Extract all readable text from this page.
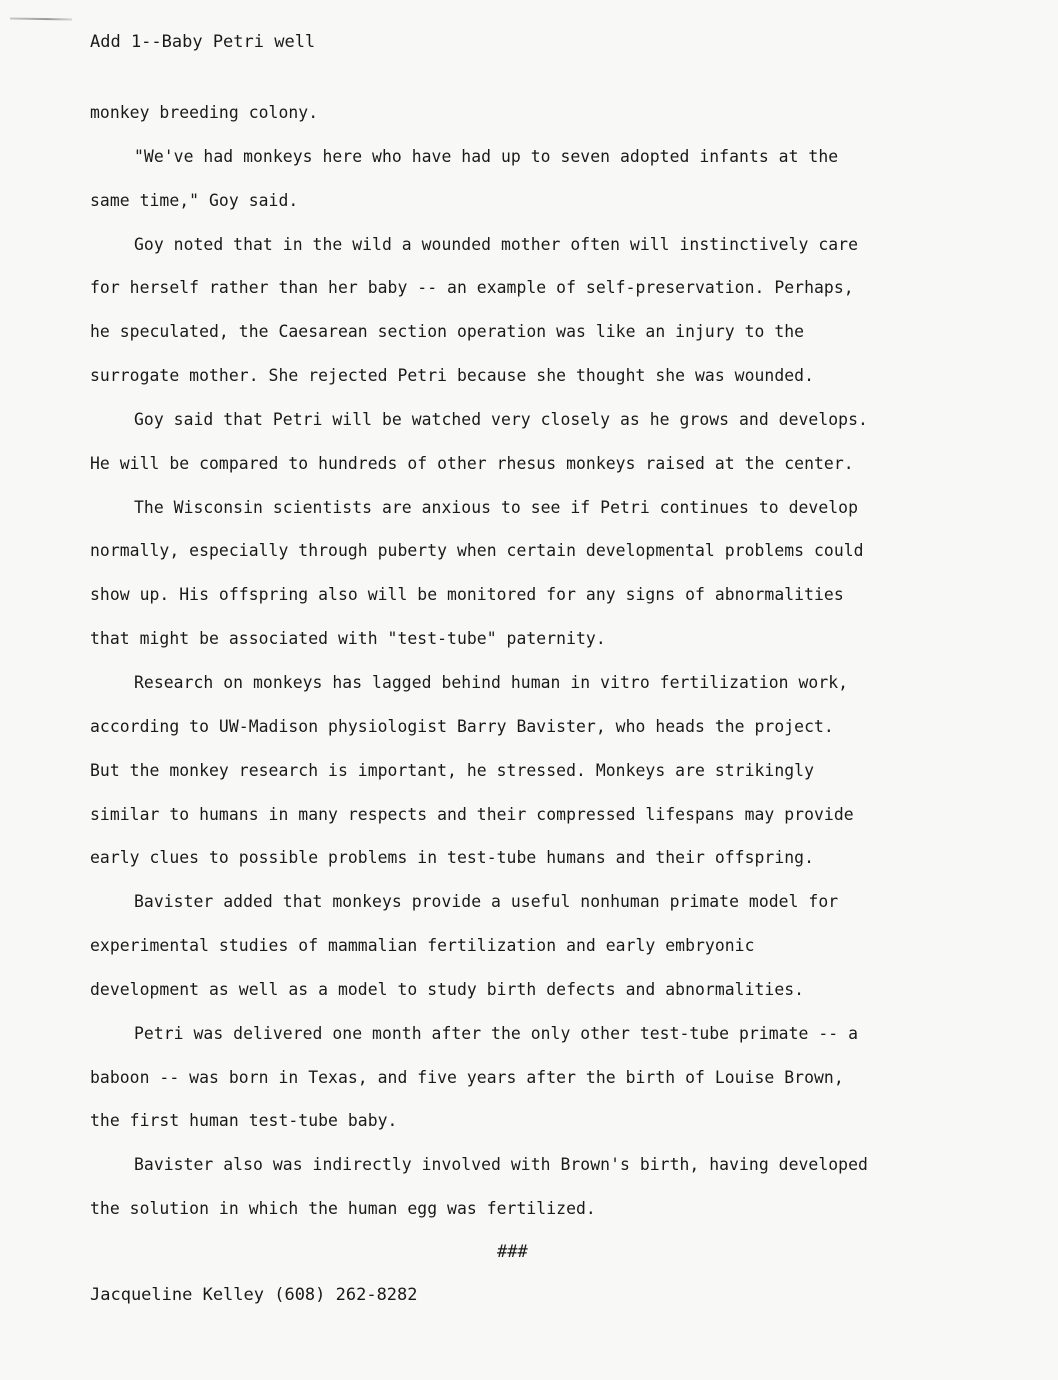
Add 1--Baby Petri well
monkey breeding colony.
"We've had monkeys here who have had up to seven adopted infants at the
same time," Goy said.
Goy noted that in the wild a wounded mother often will instinctively care
for herself rather than her baby -- an example of self-preservation. Perhaps,
he speculated, the Caesarean section operation was like an injury to the
surrogate mother. She rejected Petri because she thought she was wounded.
Goy said that Petri will be watched very closely as he grows and develops.
He will be compared to hundreds of other rhesus monkeys raised at the center.
The Wisconsin scientists are anxious to see if Petri continues to develop
normally, especially through puberty when certain developmental problems could
show up. His offspring also will be monitored for any signs of abnormalities
that might be associated with "test-tube" paternity.
Research on monkeys has lagged behind human in vitro fertilization work,
according to UW-Madison physiologist Barry Bavister, who heads the project.
But the monkey research is important, he stressed. Monkeys are strikingly
similar to humans in many respects and their compressed lifespans may provide
early clues to possible problems in test-tube humans and their offspring.
Bavister added that monkeys provide a useful nonhuman primate model for
experimental studies of mammalian fertilization and early embryonic
development as well as a model to study birth defects and abnormalities.
Petri was delivered one month after the only other test-tube primate -- a
baboon -- was born in Texas, and five years after the birth of Louise Brown,
the first human test-tube baby.
Bavister also was indirectly involved with Brown's birth, having developed
the solution in which the human egg was fertilized.
###
Jacqueline Kelley (608) 262-8282
